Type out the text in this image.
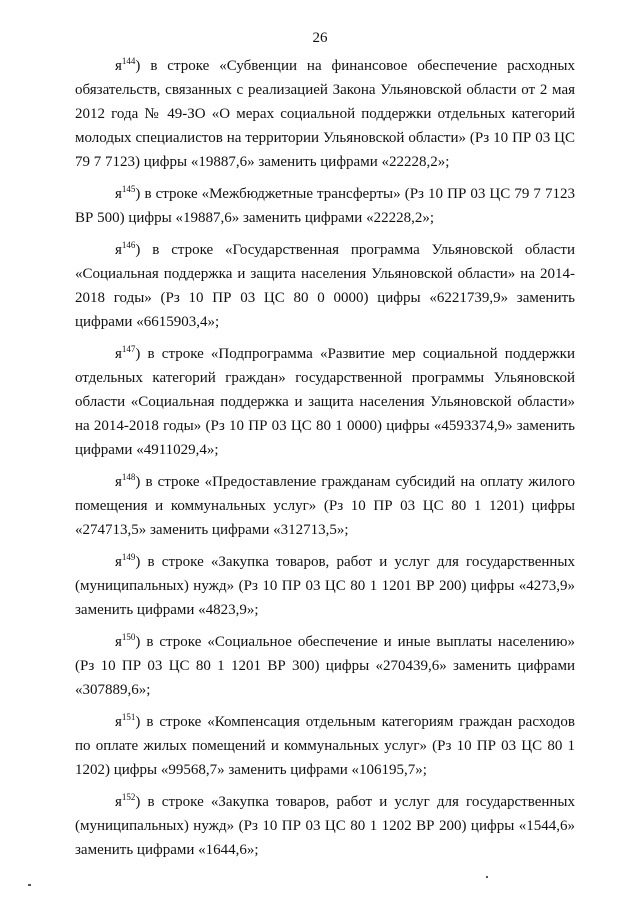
26

$я^{144}$) в строке «Субвенции на финансовое обеспечение расходных обязательств, связанных с реализацией Закона Ульяновской области от 2 мая 2012 года № 49-ЗО «О мерах социальной поддержки отдельных категорий молодых специалистов на территории Ульяновской области» (Рз 10 ПР 03 ЦС 79 7 7123) цифры «19887,6» заменить цифрами «22228,2»;

$я^{145}$) в строке «Межбюджетные трансферты» (Рз 10 ПР 03 ЦС 79 7 7123 ВР 500) цифры «19887,6» заменить цифрами «22228,2»;

$я^{146}$) в строке «Государственная программа Ульяновской области «Социальная поддержка и защита населения Ульяновской области» на 2014-2018 годы» (Рз 10 ПР 03 ЦС 80 0 0000) цифры «6221739,9» заменить цифрами «6615903,4»;

$я^{147}$) в строке «Подпрограмма «Развитие мер социальной поддержки отдельных категорий граждан» государственной программы Ульяновской области «Социальная поддержка и защита населения Ульяновской области» на 2014-2018 годы» (Рз 10 ПР 03 ЦС 80 1 0000) цифры «4593374,9» заменить цифрами «4911029,4»;

$я^{148}$) в строке «Предоставление гражданам субсидий на оплату жилого помещения и коммунальных услуг» (Рз 10 ПР 03 ЦС 80 1 1201) цифры «274713,5» заменить цифрами «312713,5»;

$я^{149}$) в строке «Закупка товаров, работ и услуг для государственных (муниципальных) нужд» (Рз 10 ПР 03 ЦС 80 1 1201 ВР 200) цифры «4273,9» заменить цифрами «4823,9»;

$я^{150}$) в строке «Социальное обеспечение и иные выплаты населению» (Рз 10 ПР 03 ЦС 80 1 1201 ВР 300) цифры «270439,6» заменить цифрами «307889,6»;

$я^{151}$) в строке «Компенсация отдельным категориям граждан расходов по оплате жилых помещений и коммунальных услуг» (Рз 10 ПР 03 ЦС 80 1 1202) цифры «99568,7» заменить цифрами «106195,7»;

$я^{152}$) в строке «Закупка товаров, работ и услуг для государственных (муниципальных) нужд» (Рз 10 ПР 03 ЦС 80 1 1202 ВР 200) цифры «1544,6» заменить цифрами «1644,6»;
